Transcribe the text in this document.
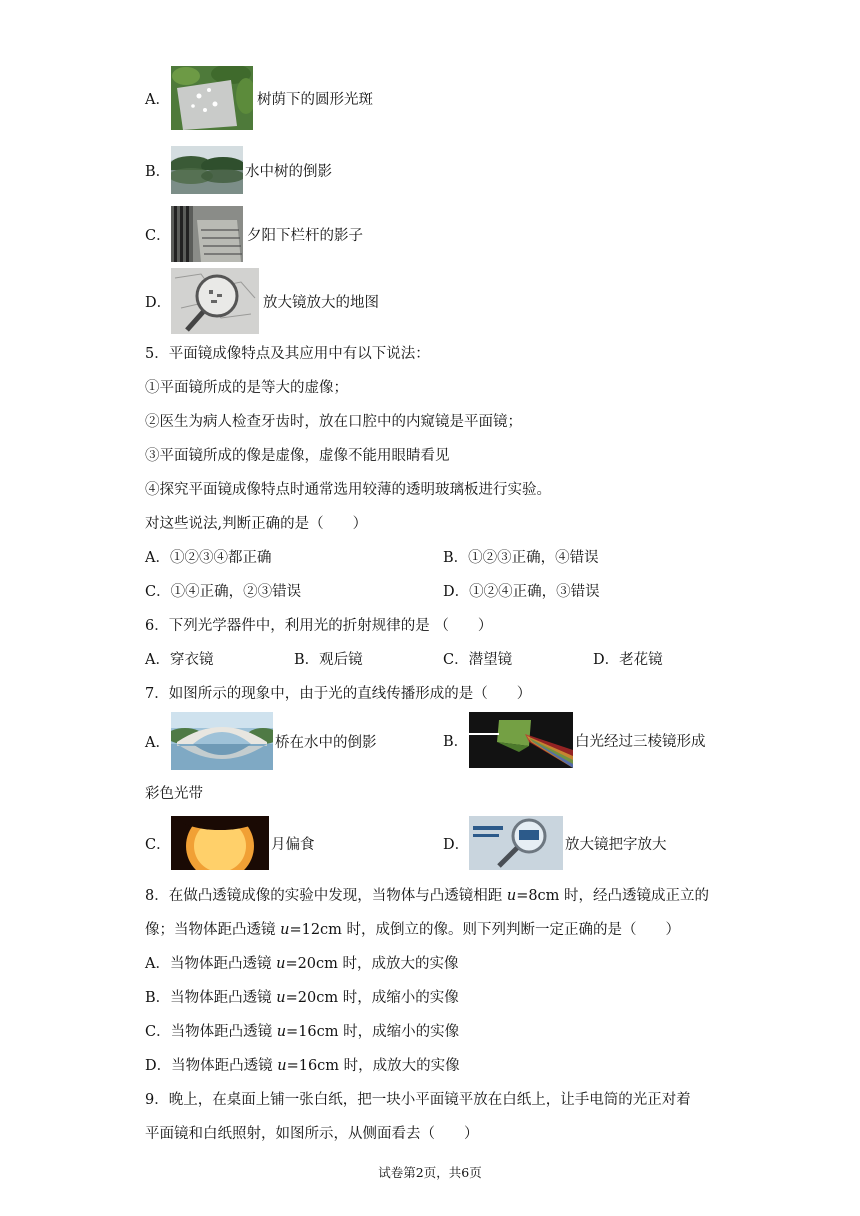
A．	树荫下的圆形光斑
B．	水中树的倒影
C．	夕阳下栏杆的影子
D．	放大镜放大的地图
5．平面镜成像特点及其应用中有以下说法：
①平面镜所成的是等大的虚像；
②医生为病人检查牙齿时，放在口腔中的内窥镜是平面镜；
③平面镜所成的像是虚像，虚像不能用眼睛看见
④探究平面镜成像特点时通常选用较薄的透明玻璃板进行实验。
对这些说法,判断正确的是（　　）
A．①②③④都正确	B．①②③正确，④错误
C．①④正确，②③错误	D．①②④正确，③错误
6．下列光学器件中，利用光的折射规律的是 （　　）
A．穿衣镜	B．观后镜	C．潜望镜	D．老花镜
7．如图所示的现象中，由于光的直线传播形成的是（　　）
A．	桥在水中的倒影	B．	白光经过三棱镜形成
彩色光带
C．	月偏食	D．	放大镜把字放大
8．在做凸透镜成像的实验中发现，当物体与凸透镜相距 u=8cm 时，经凸透镜成正立的
像；当物体距凸透镜 u=12cm 时，成倒立的像。则下列判断一定正确的是（　　）
A．当物体距凸透镜 u=20cm 时，成放大的实像
B．当物体距凸透镜 u=20cm 时，成缩小的实像
C．当物体距凸透镜 u=16cm 时，成缩小的实像
D．当物体距凸透镜 u=16cm 时，成放大的实像
9．晚上，在桌面上铺一张白纸，把一块小平面镜平放在白纸上，让手电筒的光正对着
平面镜和白纸照射，如图所示，从侧面看去（　　）
试卷第2页，共6页
